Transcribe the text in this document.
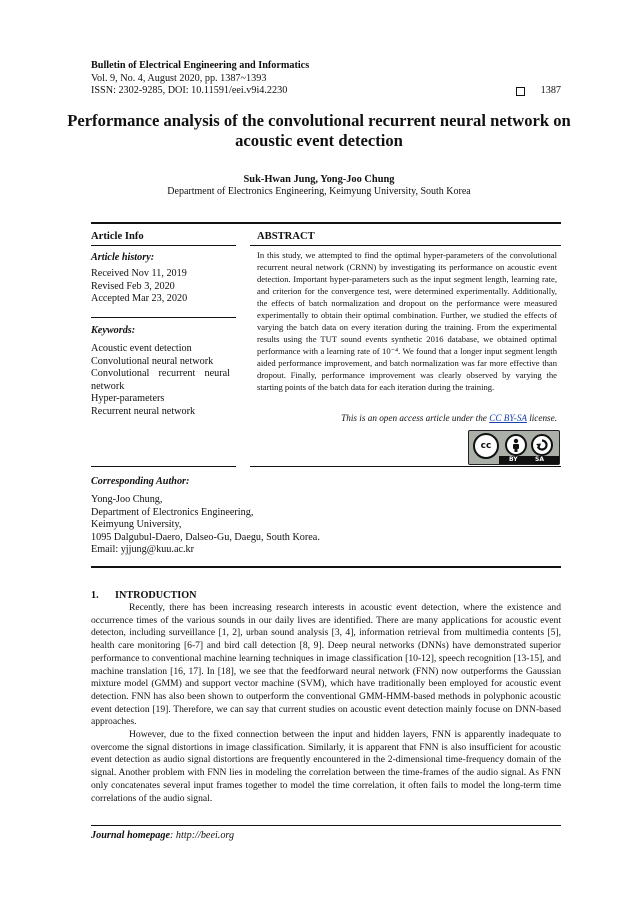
Bulletin of Electrical Engineering and Informatics
Vol. 9, No. 4, August 2020, pp. 1387~1393
ISSN: 2302-9285, DOI: 10.11591/eei.v9i4.2230	1387
Performance analysis of the convolutional recurrent neural network on acoustic event detection
Suk-Hwan Jung, Yong-Joo Chung
Department of Electronics Engineering, Keimyung University, South Korea
Article Info	ABSTRACT
Article history:
Received Nov 11, 2019
Revised Feb 3, 2020
Accepted Mar 23, 2020
Keywords:
Acoustic event detection
Convolutional neural network
Convolutional recurrent neural network
Hyper-parameters
Recurrent neural network
In this study, we attempted to find the optimal hyper-parameters of the convolutional recurrent neural network (CRNN) by investigating its performance on acoustic event detection. Important hyper-parameters such as the input segment length, learning rate, and criterion for the convergence test, were determined experimentally. Additionally, the effects of batch normalization and dropout on the performance were measured experimentally to obtain their optimal combination. Further, we studied the effects of varying the batch data on every iteration during the training. From the experimental results using the TUT sound events synthetic 2016 database, we obtained optimal performance with a learning rate of 10⁻⁴. We found that a longer input segment length aided performance improvement, and batch normalization was far more effective than dropout. Finally, performance improvement was clearly observed by varying the starting points of the batch data for each iteration during the training.
This is an open access article under the CC BY-SA license.
cc
BY	SA
Corresponding Author:
Yong-Joo Chung,
Department of Electronics Engineering,
Keimyung University,
1095 Dalgubul-Daero, Dalseo-Gu, Daegu, South Korea.
Email: yjjung@kuu.ac.kr
1. INTRODUCTION

Recently, there has been increasing research interests in acoustic event detection, where the existence and occurrence times of the various sounds in our daily lives are identified. There are many applications for acoustic event detecton, including surveillance [1, 2], urban sound analysis [3, 4], information retrieval from multimedia contents [5], health care monitoring [6-7] and bird call detection [8, 9]. Deep neural networks (DNNs) have demonstrated superior performance to conventional machine learning techniques in image classification [10-12], speech recognition [13-15], and machine translation [16, 17]. In [18], we see that the feedforward neural network (FNN) now outperforms the Gaussian mixture model (GMM) and support vector machine (SVM), which have traditionally been employed for acoustic event detection. FNN has also been shown to outperform the conventional GMM-HMM-based methods in polyphonic acoustic event detection [19]. Therefore, we can say that current studies on acoustic event detection mainly focuse on DNN-based approaches.

However, due to the fixed connection between the input and hidden layers, FNN is apparently inadequate to overcome the signal distortions in image classification. Similarly, it is apparent that FNN is also insufficient for acoustic event detection as audio signal distortions are frequently encountered in the 2-dimensional time-frequency domain of the signal. Another problem with FNN lies in modeling the correlation between the time-frames of the audio signal. As FNN only concatenates several input frames together to model the time correlation, it often fails to model the long-term time correlations of the audio signal.

Journal homepage: http://beei.org
